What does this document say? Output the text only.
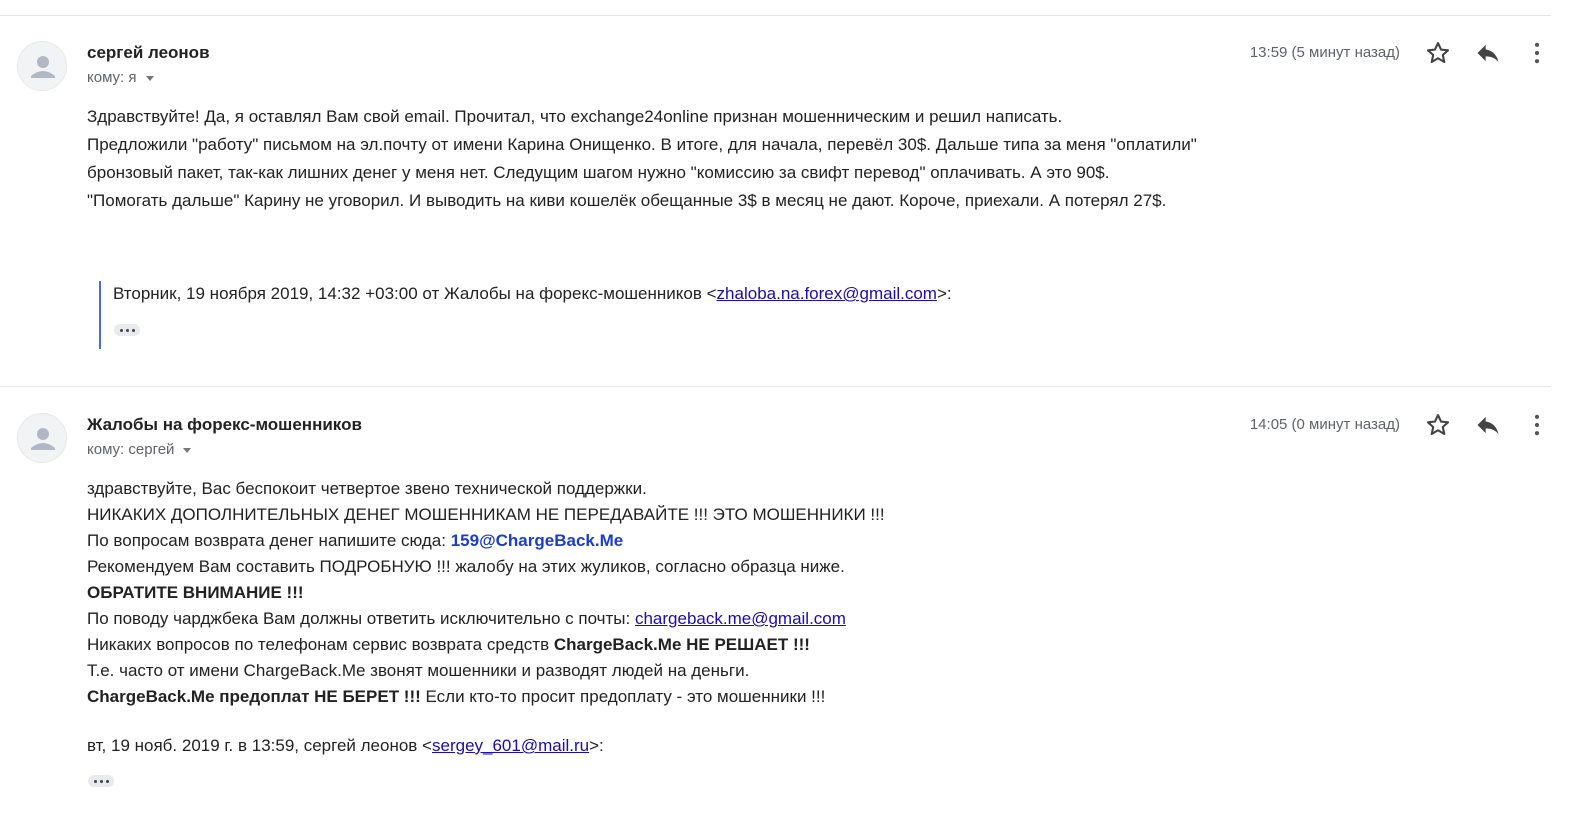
сергей леонов
кому: я
13:59 (5 минут назад)
Здравствуйте! Да, я оставлял Вам свой email. Прочитал, что exchange24online признан мошенническим и решил написать.
Предложили "работу" письмом на эл.почту от имени Карина Онищенко. В итоге, для начала, перевёл 30$. Дальше типа за меня "оплатили"
бронзовый пакет, так-как лишних денег у меня нет. Следущим шагом нужно "комиссию за свифт перевод" оплачивать. А это 90$.
"Помогать дальше" Карину не уговорил. И выводить на киви кошелёк обещанные 3$ в месяц не дают. Короче, приехали. А потерял 27$.
Вторник, 19 ноября 2019, 14:32 +03:00 от Жалобы на форекс-мошенников <zhaloba.na.forex@gmail.com>:
Жалобы на форекс-мошенников
кому: сергей
14:05 (0 минут назад)
здравствуйте, Вас беспокоит четвертое звено технической поддержки.
НИКАКИХ ДОПОЛНИТЕЛЬНЫХ ДЕНЕГ МОШЕННИКАМ НЕ ПЕРЕДАВАЙТЕ !!! ЭТО МОШЕННИКИ !!!
По вопросам возврата денег напишите сюда: 159@ChargeBack.Me
Рекомендуем Вам составить ПОДРОБНУЮ !!! жалобу на этих жуликов, согласно образца ниже.
ОБРАТИТЕ ВНИМАНИЕ !!!
По поводу чарджбека Вам должны ответить исключительно с почты: chargeback.me@gmail.com
Никаких вопросов по телефонам сервис возврата средств ChargeBack.Me НЕ РЕШАЕТ !!!
Т.е. часто от имени ChargeBack.Me звонят мошенники и разводят людей на деньги.
ChargeBack.Me предоплат НЕ БЕРЕТ !!! Если кто-то просит предоплату - это мошенники !!!
вт, 19 нояб. 2019 г. в 13:59, сергей леонов <sergey_601@mail.ru>:
